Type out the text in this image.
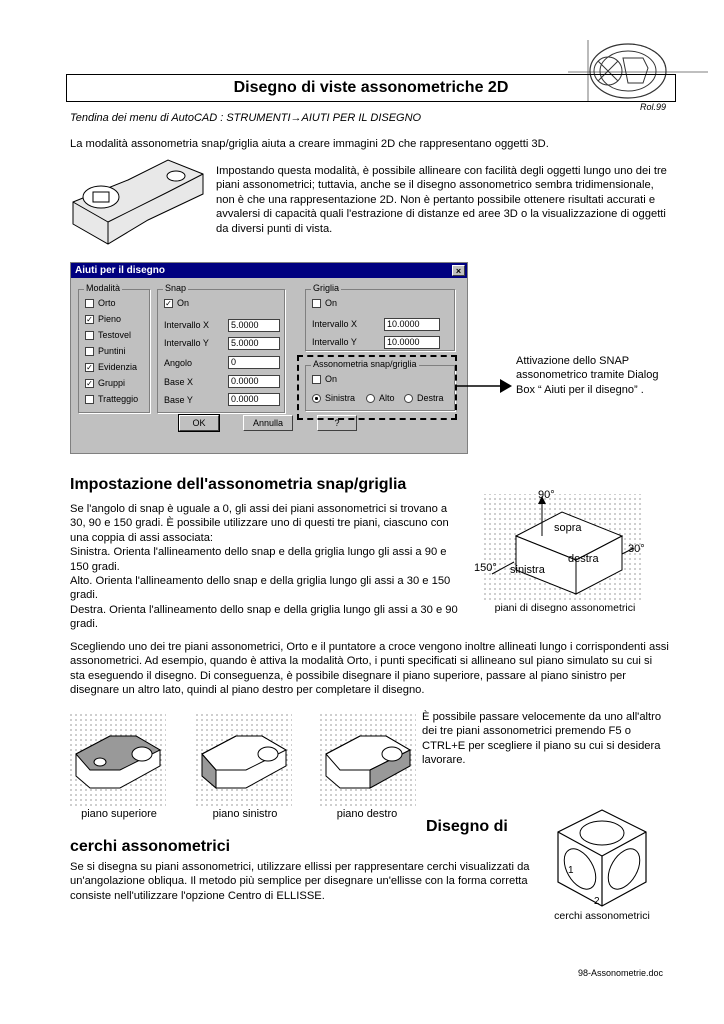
Disegno di viste assonometriche 2D
Rol.99
Tendina dei menu di AutoCAD : STRUMENTI→AIUTI PER IL DISEGNO
La modalità assonometria snap/griglia aiuta a creare immagini 2D che rappresentano oggetti 3D.
Impostando questa modalità, è possibile allineare con facilità degli oggetti lungo uno dei tre piani assonometrici; tuttavia, anche se il disegno assonometrico sembra tridimensionale, non è che una rappresentazione 2D. Non è pertanto possibile ottenere risultati accurati e avvalersi di capacità quali l'estrazione di distanze ed aree 3D o la visualizzazione di oggetti da diversi punti di vista.
Aiuti per il disegno	×
Modalità
Orto
✓ Pieno
Testovel
Puntini
✓ Evidenzia
✓ Gruppi
Tratteggio
Snap
✓ On
Intervallo X	5.0000
Intervallo Y	5.0000
Angolo	0
Base X	0.0000
Base Y	0.0000
Griglia
On
Intervallo X	10.0000
Intervallo Y	10.0000
Assonometria snap/griglia
On
Sinistra	Alto Destra
OK	Annulla	?
Attivazione dello SNAP assonometrico tramite Dialog Box “ Aiuti per il disegno” .
Impostazione dell'assonometria snap/griglia
Se l'angolo di snap è uguale a 0, gli assi dei piani assonometrici si trovano a 30, 90 e 150 gradi. È possibile utilizzare uno di questi tre piani, ciascuno con una coppia di assi associata:
Sinistra. Orienta l'allineamento dello snap e della griglia lungo gli assi a 90 e 150 gradi.
Alto. Orienta l'allineamento dello snap e della griglia lungo gli assi a 30 e 150 gradi.
Destra. Orienta l'allineamento dello snap e della griglia lungo gli assi a 30 e 90 gradi.
90°
30°
150°
sopra
destra
sinistra
piani di disegno assonometrici
Scegliendo uno dei tre piani assonometrici, Orto e il puntatore a croce vengono inoltre allineati lungo i corrispondenti assi assonometrici. Ad esempio, quando è attiva la modalità Orto, i punti specificati si allineano sul piano simulato su cui si sta eseguendo il disegno. Di conseguenza, è possibile disegnare il piano superiore, passare al piano sinistro per disegnare un altro lato, quindi al piano destro per completare il disegno.
piano superiore	piano sinistro	piano destro
È possibile passare velocemente da uno all'altro dei tre piani assonometrici premendo F5 o CTRL+E per scegliere il piano su cui si desidera lavorare.
Disegno di
cerchi assonometrici
Se si disegna su piani assonometrici, utilizzare ellissi per rappresentare cerchi visualizzati da un'angolazione obliqua. Il metodo più semplice per disegnare un'ellisse con la forma corretta consiste nell'utilizzare l'opzione Centro di ELLISSE.
1
2
cerchi assonometrici
98-Assonometrie.doc
